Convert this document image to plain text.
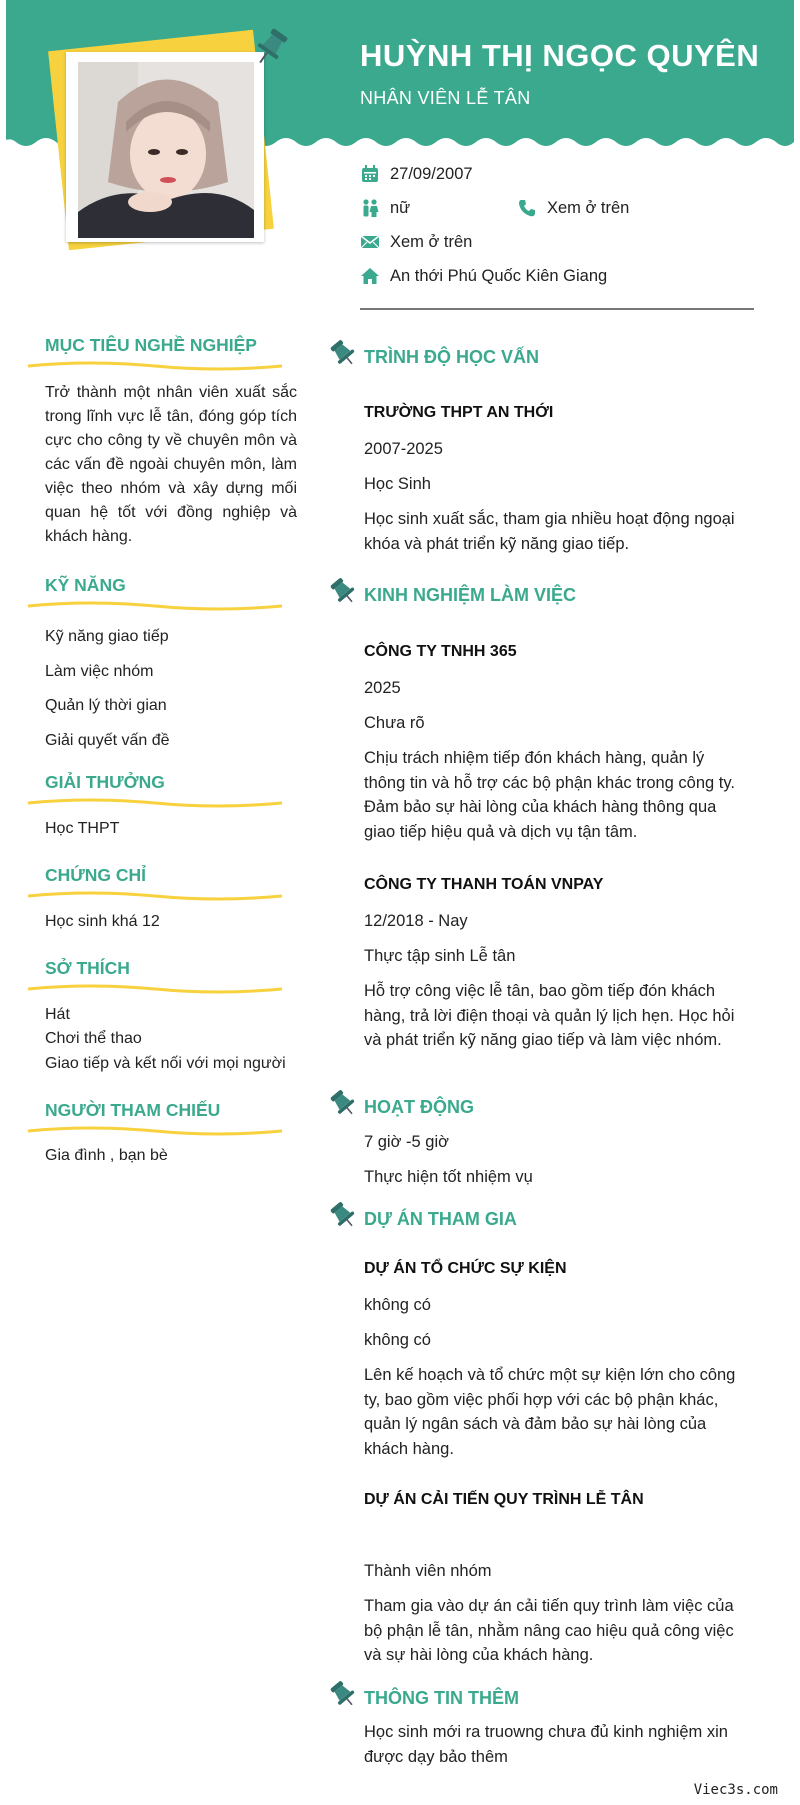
HUỲNH THỊ NGỌC QUYÊN
NHÂN VIÊN LỄ TÂN
27/09/2007
nữ	Xem ở trên
Xem ở trên
An thới Phú Quốc Kiên Giang
MỤC TIÊU NGHỀ NGHIỆP
Trở thành một nhân viên xuất sắc trong lĩnh vực lễ tân, đóng góp tích cực cho công ty về chuyên môn và các vấn đề ngoài chuyên môn, làm việc theo nhóm và xây dựng mối quan hệ tốt với đồng nghiệp và khách hàng.
KỸ NĂNG
Kỹ năng giao tiếp
Làm việc nhóm
Quản lý thời gian
Giải quyết vấn đề
GIẢI THƯỞNG
Học THPT
CHỨNG CHỈ
Học sinh khá 12
SỞ THÍCH
Hát
Chơi thể thao
Giao tiếp và kết nối với mọi người
NGƯỜI THAM CHIẾU
Gia đình , bạn bè
TRÌNH ĐỘ HỌC VẤN
TRƯỜNG THPT AN THỚI
2007-2025
Học Sinh
Học sinh xuất sắc, tham gia nhiều hoạt động ngoại khóa và phát triển kỹ năng giao tiếp.
KINH NGHIỆM LÀM VIỆC
CÔNG TY TNHH 365
2025
Chưa rõ
Chịu trách nhiệm tiếp đón khách hàng, quản lý thông tin và hỗ trợ các bộ phận khác trong công ty. Đảm bảo sự hài lòng của khách hàng thông qua giao tiếp hiệu quả và dịch vụ tận tâm.
CÔNG TY THANH TOÁN VNPAY
12/2018 - Nay
Thực tập sinh Lễ tân
Hỗ trợ công việc lễ tân, bao gồm tiếp đón khách hàng, trả lời điện thoại và quản lý lịch hẹn. Học hỏi và phát triển kỹ năng giao tiếp và làm việc nhóm.
HOẠT ĐỘNG
7 giờ -5 giờ
Thực hiện tốt nhiệm vụ
DỰ ÁN THAM GIA
DỰ ÁN TỔ CHỨC SỰ KIỆN
không có
không có
Lên kế hoạch và tổ chức một sự kiện lớn cho công ty, bao gồm việc phối hợp với các bộ phận khác, quản lý ngân sách và đảm bảo sự hài lòng của khách hàng.
DỰ ÁN CẢI TIẾN QUY TRÌNH LỄ TÂN
Thành viên nhóm
Tham gia vào dự án cải tiến quy trình làm việc của bộ phận lễ tân, nhằm nâng cao hiệu quả công việc và sự hài lòng của khách hàng.
THÔNG TIN THÊM
Học sinh mới ra truowng chưa đủ kinh nghiệm xin được dạy bảo thêm
Viec3s.com
